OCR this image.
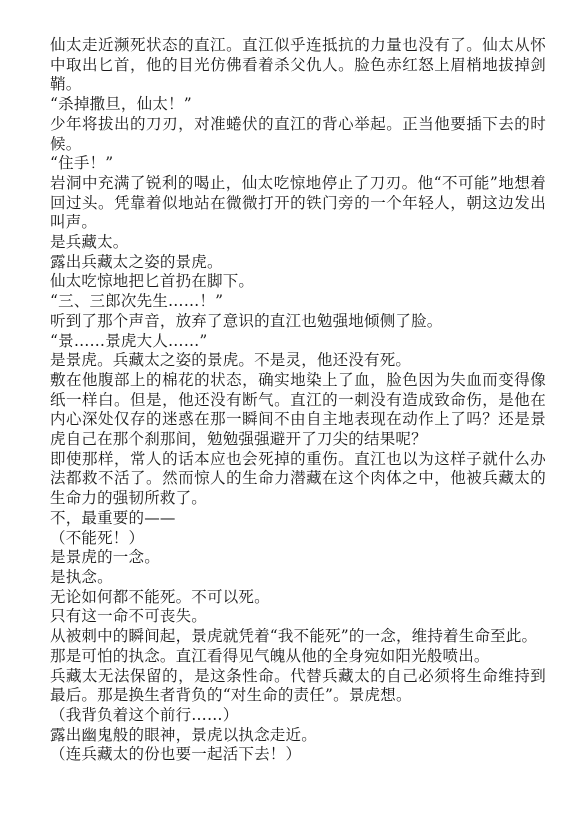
仙太走近濒死状态的直江。直江似乎连抵抗的力量也没有了。仙太从怀中取出匕首，他的目光仿佛看着杀父仇人。脸色赤红怒上眉梢地拔掉剑鞘。

“杀掉撒旦，仙太！”

少年将拔出的刀刃，对准蜷伏的直江的背心举起。正当他要插下去的时候。

“住手！”

岩洞中充满了锐利的喝止，仙太吃惊地停止了刀刃。他“不可能”地想着回过头。凭靠着似地站在微微打开的铁门旁的一个年轻人，朝这边发出叫声。

是兵藏太。

露出兵藏太之姿的景虎。

仙太吃惊地把匕首扔在脚下。

“三、三郎次先生……！”

听到了那个声音，放弃了意识的直江也勉强地倾侧了脸。

“景……景虎大人……”

是景虎。兵藏太之姿的景虎。不是灵，他还没有死。

敷在他腹部上的棉花的状态，确实地染上了血，脸色因为失血而变得像纸一样白。但是，他还没有断气。直江的一刺没有造成致命伤，是他在内心深处仅存的迷惑在那一瞬间不由自主地表现在动作上了吗？还是景虎自己在那个刹那间，勉勉强强避开了刀尖的结果呢？

即使那样，常人的话本应也会死掉的重伤。直江也以为这样子就什么办法都救不活了。然而惊人的生命力潜藏在这个肉体之中，他被兵藏太的生命力的强韧所救了。

不，最重要的——

（不能死！）

是景虎的一念。

是执念。

无论如何都不能死。不可以死。

只有这一命不可丧失。

从被刺中的瞬间起，景虎就凭着“我不能死”的一念，维持着生命至此。

那是可怕的执念。直江看得见气魄从他的全身宛如阳光般喷出。

兵藏太无法保留的，是这条性命。代替兵藏太的自己必须将生命维持到最后。那是换生者背负的“对生命的责任”。景虎想。

（我背负着这个前行……）

露出幽鬼般的眼神，景虎以执念走近。

（连兵藏太的份也要一起活下去！）
